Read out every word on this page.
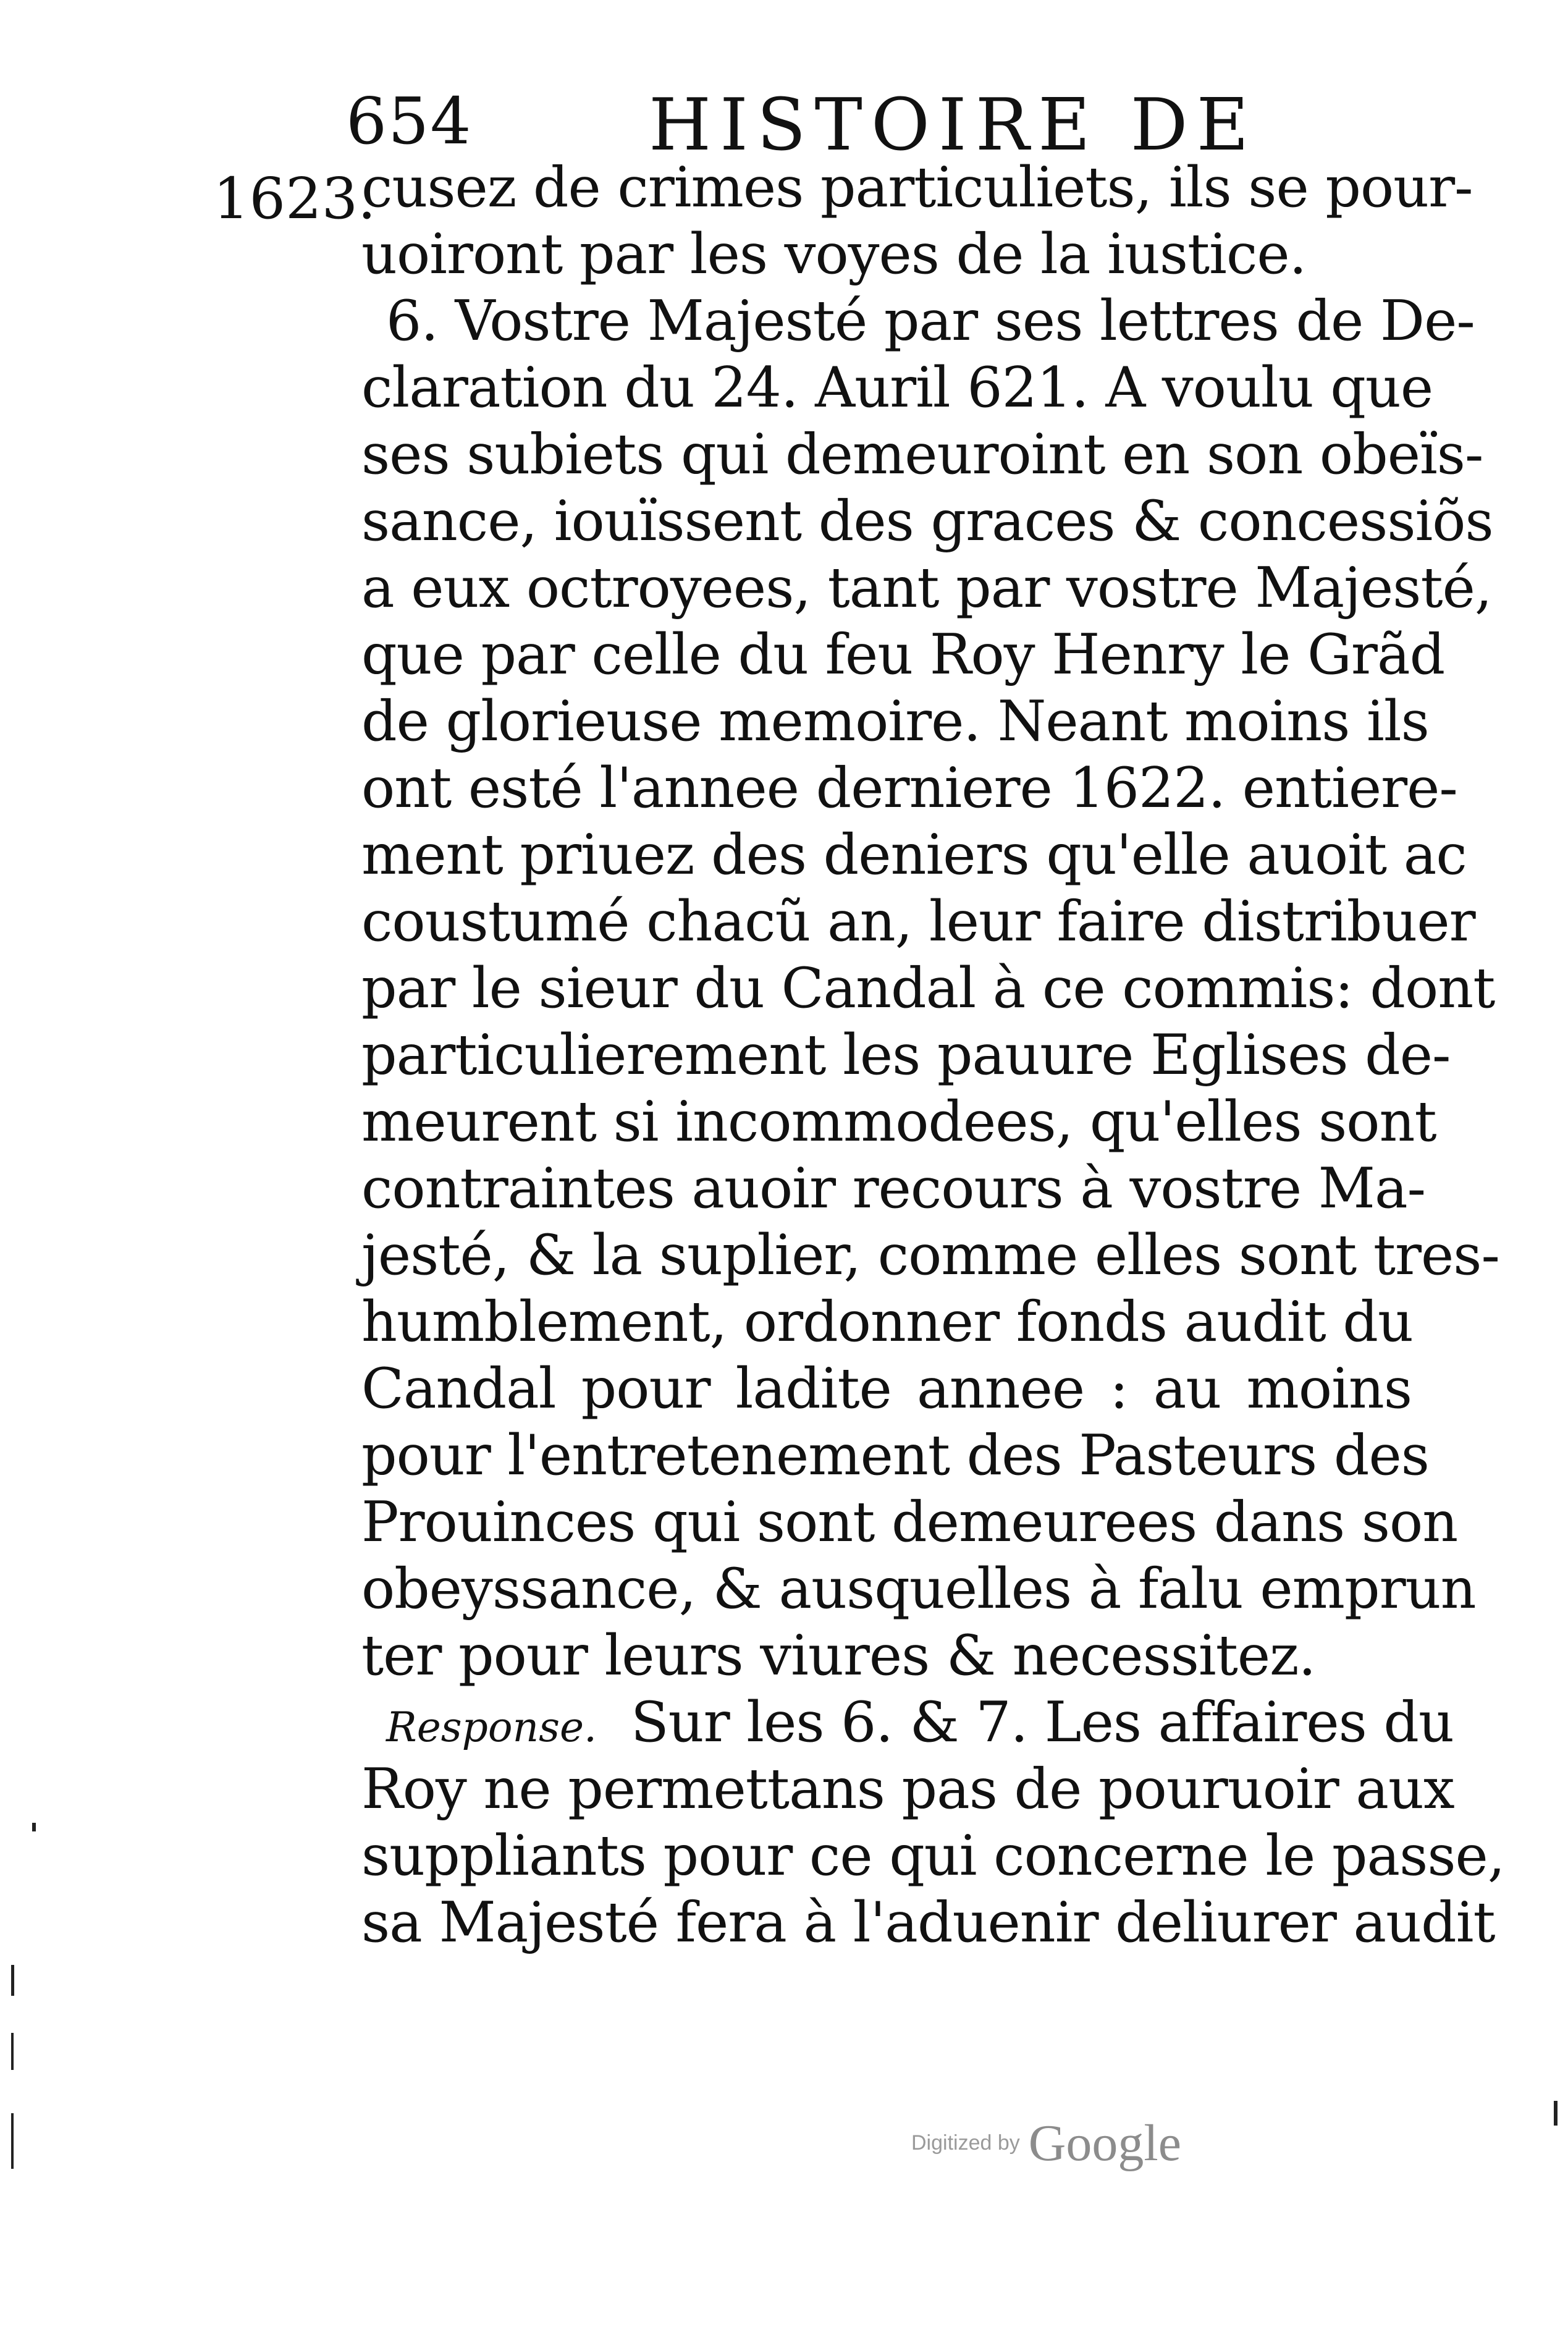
654 HISTOIRE DE
1623.
cusez de crimes particuliets, ils se pour-
uoiront par les voyes de la iustice.
6. Vostre Majesté par ses lettres de De-
claration du 24. Auril 621. A voulu que
ses subiets qui demeuroint en son obeïs-
sance, iouïssent des graces & concessiõs
a eux octroyees, tant par vostre Majesté,
que par celle du feu Roy Henry le Grãd
de glorieuse memoire. Neant moins ils
ont esté l'annee derniere 1622. entiere-
ment priuez des deniers qu'elle auoit ac
coustumé chacũ an, leur faire distribuer
par le sieur du Candal à ce commis: dont
particulierement les pauure Eglises de-
meurent si incommodees, qu'elles sont
contraintes auoir recours à vostre Ma-
jesté, & la suplier, comme elles sont tres-
humblement, ordonner fonds audit du
Candal pour ladite annee : au moins
pour l'entretenement des Pasteurs des
Prouinces qui sont demeurees dans son
obeyssance, & ausquelles à falu emprun
ter pour leurs viures & necessitez.
Response. Sur les 6. & 7. Les affaires du
Roy ne permettans pas de pouruoir aux
suppliants pour ce qui concerne le passe,
sa Majesté fera à l'aduenir deliurer audit
Digitized by Google
